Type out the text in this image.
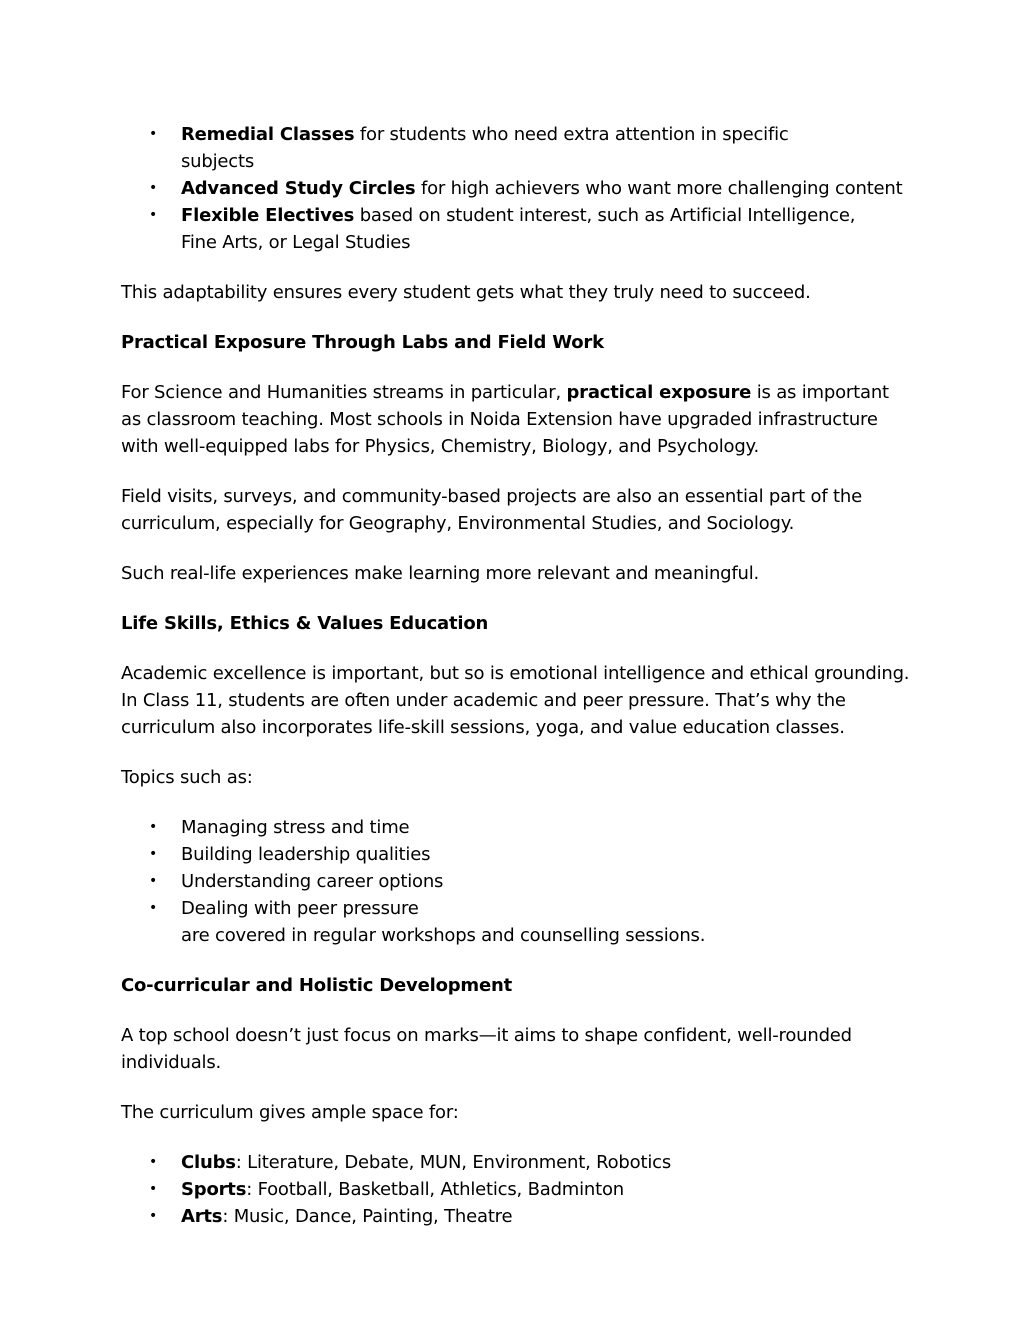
• Remedial Classes for students who need extra attention in specific subjects
• Advanced Study Circles for high achievers who want more challenging content
• Flexible Electives based on student interest, such as Artificial Intelligence, Fine Arts, or Legal Studies

This adaptability ensures every student gets what they truly need to succeed.

Practical Exposure Through Labs and Field Work

For Science and Humanities streams in particular, practical exposure is as important as classroom teaching. Most schools in Noida Extension have upgraded infrastructure with well-equipped labs for Physics, Chemistry, Biology, and Psychology.

Field visits, surveys, and community-based projects are also an essential part of the curriculum, especially for Geography, Environmental Studies, and Sociology.

Such real-life experiences make learning more relevant and meaningful.

Life Skills, Ethics & Values Education

Academic excellence is important, but so is emotional intelligence and ethical grounding. In Class 11, students are often under academic and peer pressure. That’s why the curriculum also incorporates life-skill sessions, yoga, and value education classes.

Topics such as:

• Managing stress and time
• Building leadership qualities
• Understanding career options
• Dealing with peer pressure
are covered in regular workshops and counselling sessions.

Co-curricular and Holistic Development

A top school doesn’t just focus on marks—it aims to shape confident, well-rounded individuals.

The curriculum gives ample space for:

• Clubs: Literature, Debate, MUN, Environment, Robotics
• Sports: Football, Basketball, Athletics, Badminton
• Arts: Music, Dance, Painting, Theatre
